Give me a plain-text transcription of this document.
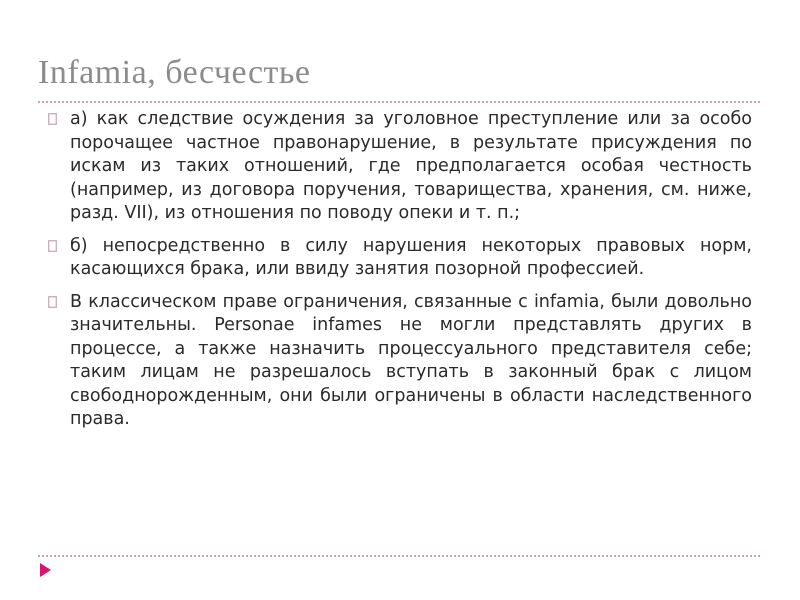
Infamia, бесчестье
а) как следствие осуждения за уголовное преступление или за особо порочащее частное правонарушение, в результате присуждения по искам из таких отношений, где предполагается особая честность (например, из договора поручения, товарищества, хранения, см. ниже, разд. VII), из отношения по поводу опеки и т. п.;
б) непосредственно в силу нарушения некоторых правовых норм, касающихся брака, или ввиду занятия позорной профессией.
В классическом праве ограничения, связанные с infamia, были довольно значительны. Personae infames не могли представлять других в процессе, а также назначить процессуального представителя себе; таким лицам не разрешалось вступать в законный брак с лицом свободнорожденным, они были ограничены в области наследственного права.
